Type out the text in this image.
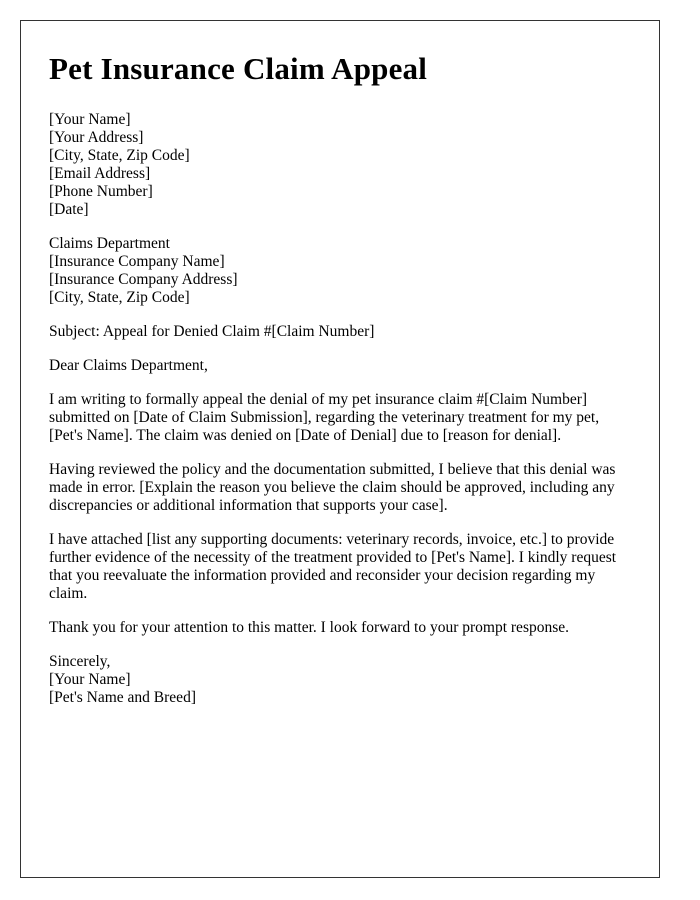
Pet Insurance Claim Appeal
[Your Name]
[Your Address]
[City, State, Zip Code]
[Email Address]
[Phone Number]
[Date]
Claims Department
[Insurance Company Name]
[Insurance Company Address]
[City, State, Zip Code]

Subject: Appeal for Denied Claim #[Claim Number]

Dear Claims Department,

I am writing to formally appeal the denial of my pet insurance claim #[Claim Number] submitted on [Date of Claim Submission], regarding the veterinary treatment for my pet, [Pet's Name]. The claim was denied on [Date of Denial] due to [reason for denial].

Having reviewed the policy and the documentation submitted, I believe that this denial was made in error. [Explain the reason you believe the claim should be approved, including any discrepancies or additional information that supports your case].

I have attached [list any supporting documents: veterinary records, invoice, etc.] to provide further evidence of the necessity of the treatment provided to [Pet's Name]. I kindly request that you reevaluate the information provided and reconsider your decision regarding my claim.

Thank you for your attention to this matter. I look forward to your prompt response.

Sincerely,
[Your Name]
[Pet's Name and Breed]
